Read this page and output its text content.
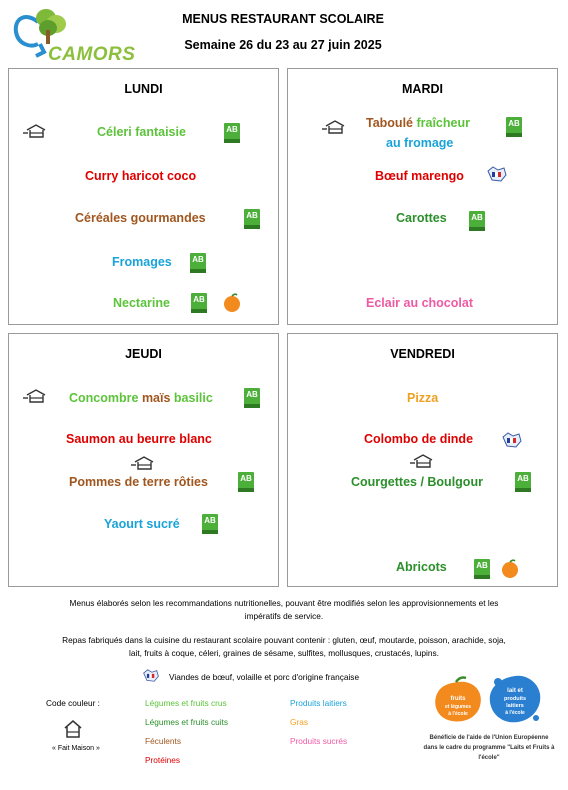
CAMORS
MENUS RESTAURANT SCOLAIRE
Semaine 26 du 23 au 27 juin 2025
LUNDI
Céleri fantaisie	AB
Curry haricot coco
Céréales gourmandes	AB
Fromages	AB
Nectarine	AB
MARDI
Taboulé fraîcheur
au fromage
AB
Bœuf marengo
Carottes	AB
Eclair au chocolat
JEUDI
Concombre maïs basilic	AB
Saumon au beurre blanc
Pommes de terre rôties	AB
Yaourt sucré	AB
VENDREDI
Pizza
Colombo de dinde
Courgettes / Boulgour	AB
Abricots	AB
Menus élaborés selon les recommandations nutritionelles, pouvant être modifiés selon les approvisionnements et les
impératifs de service.
Repas fabriqués dans la cuisine du restaurant scolaire pouvant contenir : gluten, œuf, moutarde, poisson, arachide, soja,
lait, fruits à coque, céleri, graines de sésame, sulfites, mollusques, crustacés, lupins.
Viandes de bœuf, volaille et porc d'origine française
Code couleur :
« Fait Maison »
Légumes et fruits crus
Légumes et fruits cuits
Féculents
Protéines
Produits laitiers
Gras
Produits sucrés
fruits
et légumes
à l'école
lait et
produits
laitiers
à l'école
Bénéficie de l'aide de l'Union Européenne
dans le cadre du programme "Laits et Fruits à
l'école"
